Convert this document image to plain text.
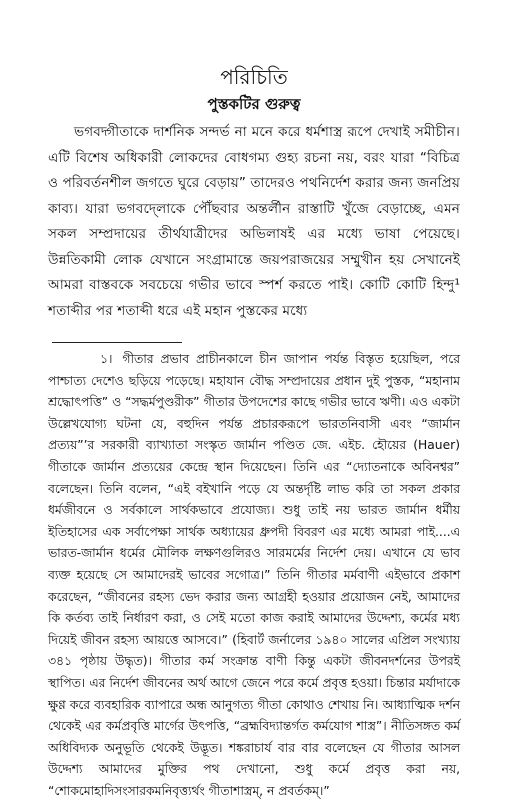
পরিচিতি
পুস্তকটির গুরুত্ব

ভগবদ্গীতাকে দার্শনিক সন্দর্ভ না মনে করে ধর্মশাস্ত্র রূপে দেখাই সমীচীন। এটি বিশেষ অধিকারী লোকদের বোধগম্য গুহ্য রচনা নয়, বরং যারা “বিচিত্র ও পরিবর্তনশীল জগতে ঘুরে বেড়ায়” তাদেরও পথনির্দেশ করার জন্য জনপ্রিয় কাব্য। যারা ভগবদ্লোকে পৌঁছবার অন্তর্লীন রাস্তাটি খুঁজে বেড়াচ্ছে, এমন সকল সম্প্রদায়ের তীর্থযাত্রীদের অভিলাষই এর মধ্যে ভাষা পেয়েছে। উন্নতিকামী লোক যেখানে সংগ্রামান্তে জয়পরাজয়ের সম্মুখীন হয় সেখানেই আমরা বাস্তবকে সবচেয়ে গভীর ভাবে স্পর্শ করতে পাই। কোটি কোটি হিন্দু¹ শতাব্দীর পর শতাব্দী ধরে এই মহান পুস্তকের মধ্যে

১। গীতার প্রভাব প্রাচীনকালে চীন জাপান পর্যন্ত বিস্তৃত হয়েছিল, পরে পাশ্চাত্য দেশেও ছড়িয়ে পড়েছে। মহাযান বৌদ্ধ সম্প্রদায়ের প্রধান দুই পুস্তক, “মহানাম শ্রদ্ধোৎপত্তি” ও “সদ্ধর্মপুণ্ডরীক” গীতার উপদেশের কাছে গভীর ভাবে ঋণী। এও একটা উল্লেখযোগ্য ঘটনা যে, বহুদিন পর্যন্ত প্রচারকরূপে ভারতনিবাসী এবং “জার্মান প্রত্যয়”’র সরকারী ব্যাখ্যাতা সংস্কৃত জার্মান পণ্ডিত জে. এইচ. হৌয়ের (Hauer) গীতাকে জার্মান প্রত্যয়ের কেন্দ্রে স্থান দিয়েছেন। তিনি এর “দ্যোতনাকে অবিনশ্বর” বলেছেন। তিনি বলেন, “এই বইখানি পড়ে যে অন্তর্দৃষ্টি লাভ করি তা সকল প্রকার ধর্মজীবনে ও সর্বকালে সার্থকভাবে প্রযোজ্য। শুধু তাই নয় ভারত জার্মান ধর্মীয় ইতিহাসের এক সর্বাপেক্ষা সার্থক অধ্যায়ের ধ্রুপদী বিবরণ এর মধ্যে আমরা পাই....এ ভারত-জার্মান ধর্মের মৌলিক লক্ষণগুলিরও সারমর্মের নির্দেশ দেয়। এখানে যে ভাব ব্যক্ত হয়েছে সে আমাদেরই ভাবের সগোত্র।” তিনি গীতার মর্মবাণী এইভাবে প্রকাশ করেছেন, “জীবনের রহস্য ভেদ করার জন্য আগ্রহী হওয়ার প্রয়োজন নেই, আমাদের কি কর্তব্য তাই নির্ধারণ করা, ও সেই মতো কাজ করাই আমাদের উদ্দেশ্য, কর্মের মধ্য দিয়েই জীবন রহস্য আয়ত্তে আসবে।” (হিবার্ট জর্নালের ১৯৪০ সালের এপ্রিল সংখ্যায় ৩৪১ পৃষ্ঠায় উদ্ধৃত)। গীতার কর্ম সংক্রান্ত বাণী কিন্তু একটা জীবনদর্শনের উপরই স্থাপিত। এর নির্দেশ জীবনের অর্থ আগে জেনে পরে কর্মে প্রবৃত্ত হওয়া। চিন্তার মর্যাদাকে ক্ষুণ্ণ করে ব্যবহারিক ব্যাপারে অন্ধ আনুগত্য গীতা কোথাও শেখায় নি। আধ্যাত্মিক দর্শন থেকেই এর কর্মপ্রবৃত্তি মার্গের উৎপত্তি, “ব্রহ্মবিদ্যান্তর্গত কর্মযোগ শাস্ত্র”। নীতিসঙ্গত কর্ম অধিবিদ্যক অনুভূতি থেকেই উদ্ভূত। শঙ্করাচার্য বার বার বলেছেন যে গীতার আসল উদ্দেশ্য আমাদের মুক্তির পথ দেখানো, শুধু কর্মে প্রবৃত্ত করা নয়, “শোকমোহাদিসংসারকমনিবৃত্ত্যর্থং গীতাশাস্ত্রম্, ন প্রবর্তকম্।”
